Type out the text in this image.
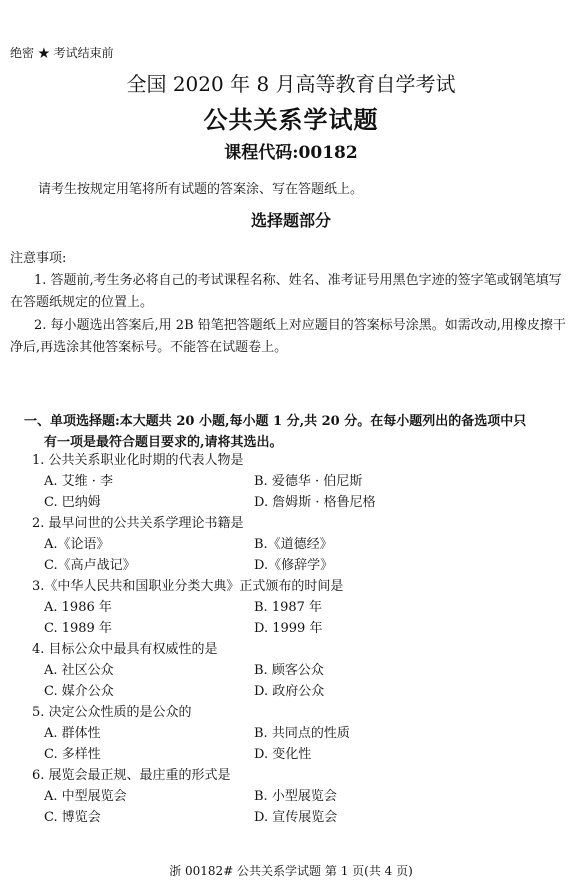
绝密 ★ 考试结束前
全国 2020 年 8 月高等教育自学考试
公共关系学试题
课程代码:00182
请考生按规定用笔将所有试题的答案涂、写在答题纸上。
选择题部分
注意事项:
1. 答题前,考生务必将自己的考试课程名称、姓名、准考证号用黑色字迹的签字笔或钢笔填写在答题纸规定的位置上。
2. 每小题选出答案后,用 2B 铅笔把答题纸上对应题目的答案标号涂黑。如需改动,用橡皮擦干净后,再选涂其他答案标号。不能答在试题卷上。
一、单项选择题:本大题共 20 小题,每小题 1 分,共 20 分。在每小题列出的备选项中只
有一项是最符合题目要求的,请将其选出。
1. 公共关系职业化时期的代表人物是
A. 艾维 · 李	B. 爱德华 · 伯尼斯
C. 巴纳姆	D. 詹姆斯 · 格鲁尼格
2. 最早问世的公共关系学理论书籍是
A.《论语》	B.《道德经》
C.《高卢战记》	D.《修辞学》
3.《中华人民共和国职业分类大典》正式颁布的时间是
A. 1986 年	B. 1987 年
C. 1989 年	D. 1999 年
4. 目标公众中最具有权威性的是
A. 社区公众	B. 顾客公众
C. 媒介公众	D. 政府公众
5. 决定公众性质的是公众的
A. 群体性	B. 共同点的性质
C. 多样性	D. 变化性
6. 展览会最正规、最庄重的形式是
A. 中型展览会	B. 小型展览会
C. 博览会	D. 宣传展览会
浙 00182# 公共关系学试题 第 1 页(共 4 页)
